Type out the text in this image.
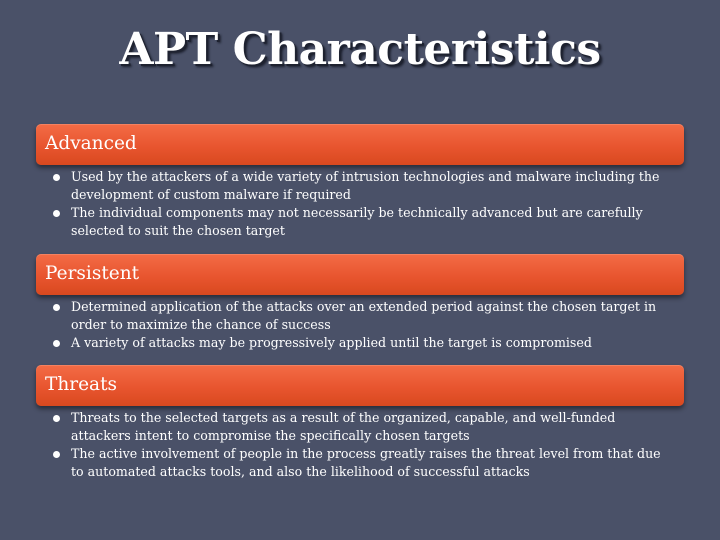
APT Characteristics
Advanced
Used by the attackers of a wide variety of intrusion technologies and malware including the development of custom malware if required
The individual components may not necessarily be technically advanced but are carefully selected to suit the chosen target
Persistent
Determined application of the attacks over an extended period against the chosen target in order to maximize the chance of success
A variety of attacks may be progressively applied until the target is compromised
Threats
Threats to the selected targets as a result of the organized, capable, and well-funded attackers intent to compromise the specifically chosen targets
The active involvement of people in the process greatly raises the threat level from that due to automated attacks tools, and also the likelihood of successful attacks
